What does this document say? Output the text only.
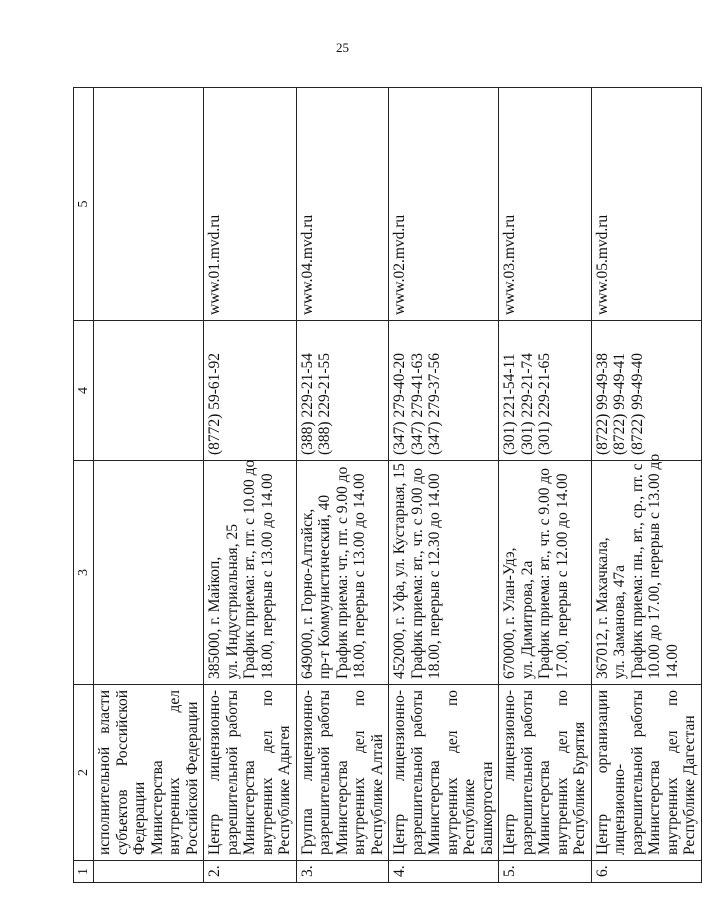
25
1	2	3	4	5
	исполнительной власти субъектов Российской Федерации Министерства внутренних дел Российской Федерации			
2.	Центр лицензионно-разрешительной работы Министерства внутренних дел по Республике Адыгея	385000, г. Майкоп, ул. Индустриальная, 25 График приема: вт., пт. с 10.00 до 18.00, перерыв с 13.00 до 14.00	(8772) 59-61-92	www.01.mvd.ru
3.	Группа лицензионно-разрешительной работы Министерства внутренних дел по Республике Алтай	649000, г. Горно-Алтайск, пр-т Коммунистический, 40 График приема: чт., пт. с 9.00 до 18.00, перерыв с 13.00 до 14.00	(388) 229-21-54 (388) 229-21-55	www.04.mvd.ru
4.	Центр лицензионно-разрешительной работы Министерства внутренних дел по Республике Башкортостан	452000, г. Уфа, ул. Кустарная, 15 График приема: вт., чт. с 9.00 до 18.00, перерыв с 12.30 до 14.00	(347) 279-40-20 (347) 279-41-63 (347) 279-37-56	www.02.mvd.ru
5.	Центр лицензионно-разрешительной работы Министерства внутренних дел по Республике Бурятия	670000, г. Улан-Удэ, ул. Димитрова, 2а График приема: вт., чт. с 9.00 до 17.00, перерыв с 12.00 до 14.00	(301) 221-54-11 (301) 229-21-74 (301) 229-21-65	www.03.mvd.ru
6.	Центр организации лицензионно-разрешительной работы Министерства внутренних дел по Республике Дагестан	367012, г. Махачкала, ул. Заманова, 47а График приема: пн., вт., ср., пт. с 10.00 до 17.00, перерыв с 13.00 до 14.00	(8722) 99-49-38 (8722) 99-49-41 (8722) 99-49-40	www.05.mvd.ru
